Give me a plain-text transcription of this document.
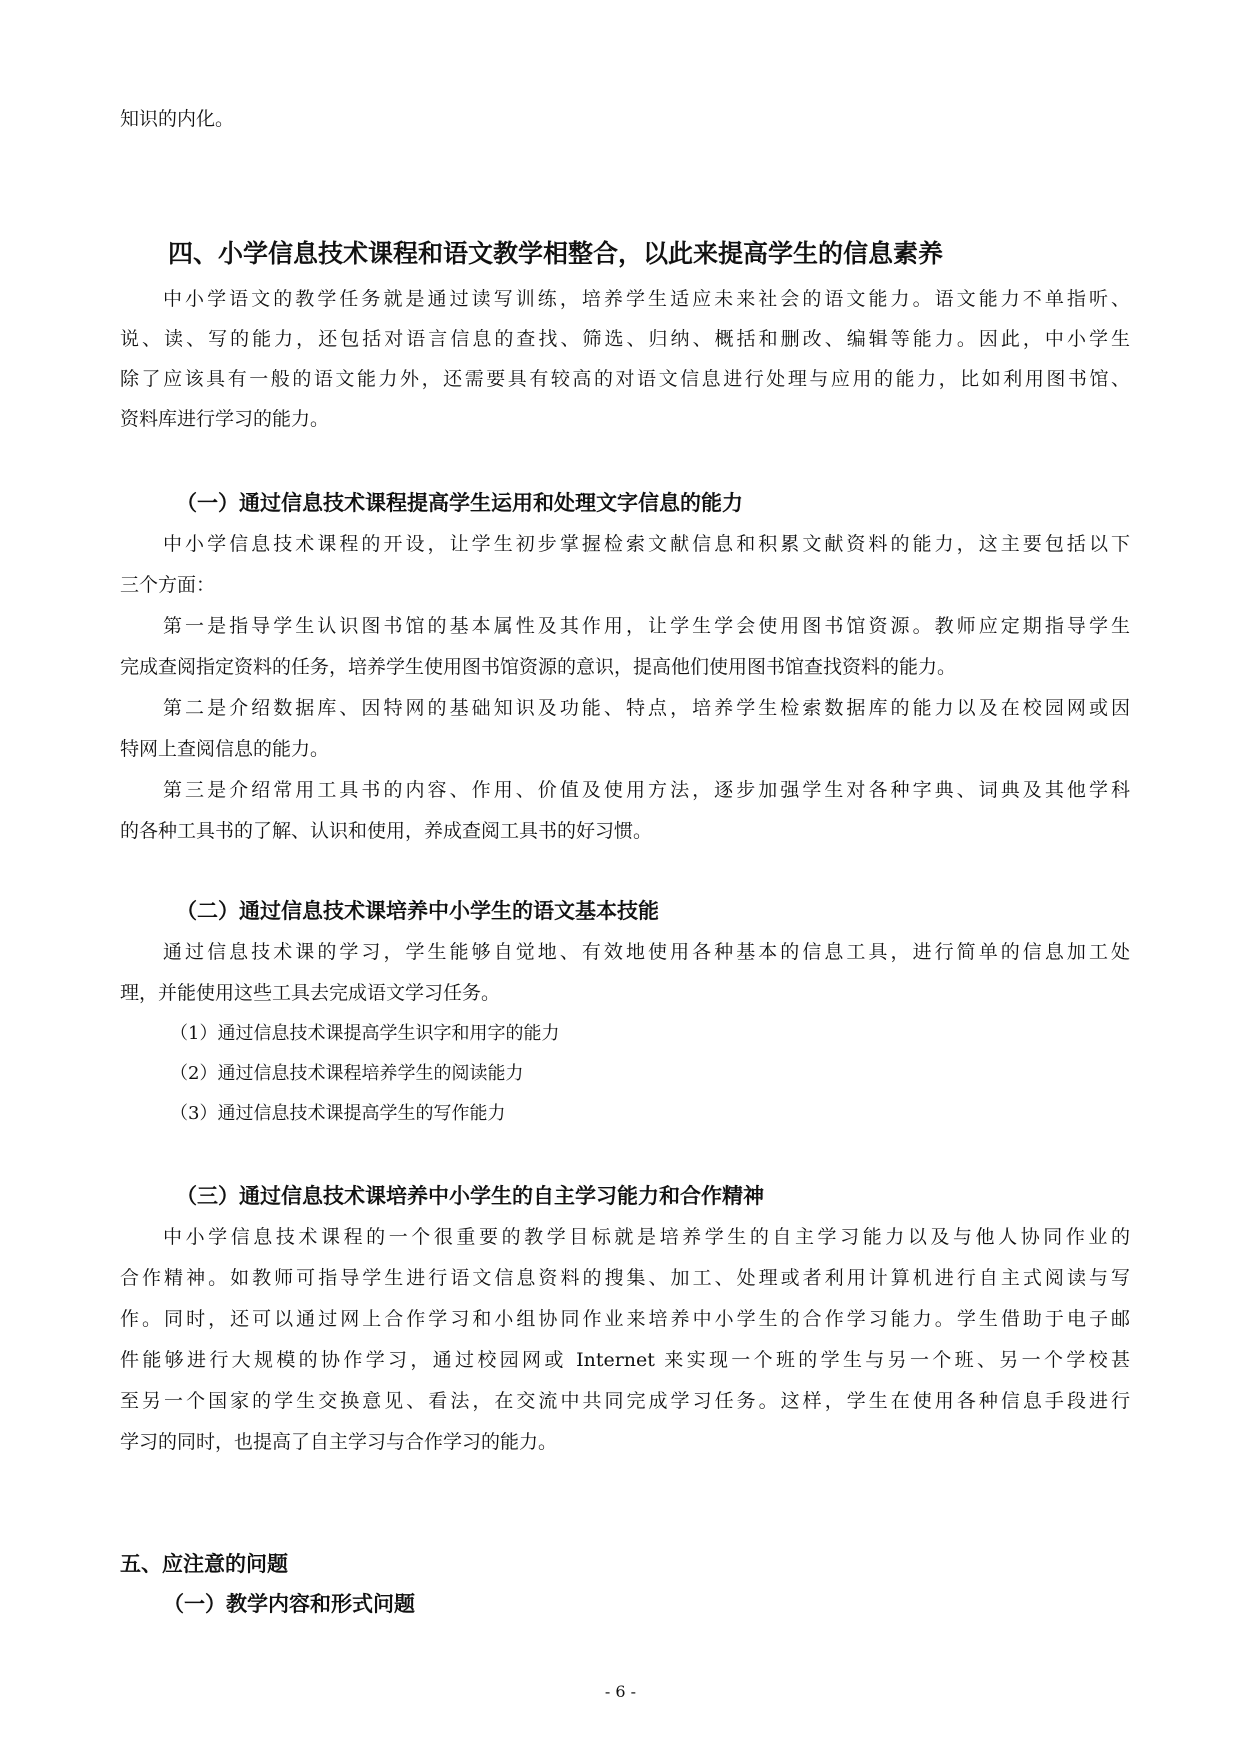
知识的内化。
四、小学信息技术课程和语文教学相整合，以此来提高学生的信息素养
中小学语文的教学任务就是通过读写训练，培养学生适应未来社会的语文能力。语文能力不单指听、
说、读、写的能力，还包括对语言信息的查找、筛选、归纳、概括和删改、编辑等能力。因此，中小学生
除了应该具有一般的语文能力外，还需要具有较高的对语文信息进行处理与应用的能力，比如利用图书馆、
资料库进行学习的能力。
（一）通过信息技术课程提高学生运用和处理文字信息的能力
中小学信息技术课程的开设，让学生初步掌握检索文献信息和积累文献资料的能力，这主要包括以下
三个方面：
第一是指导学生认识图书馆的基本属性及其作用，让学生学会使用图书馆资源。教师应定期指导学生
完成查阅指定资料的任务，培养学生使用图书馆资源的意识，提高他们使用图书馆查找资料的能力。
第二是介绍数据库、因特网的基础知识及功能、特点，培养学生检索数据库的能力以及在校园网或因
特网上查阅信息的能力。
第三是介绍常用工具书的内容、作用、价值及使用方法，逐步加强学生对各种字典、词典及其他学科
的各种工具书的了解、认识和使用，养成查阅工具书的好习惯。
（二）通过信息技术课培养中小学生的语文基本技能
通过信息技术课的学习，学生能够自觉地、有效地使用各种基本的信息工具，进行简单的信息加工处
理，并能使用这些工具去完成语文学习任务。
（1）通过信息技术课提高学生识字和用字的能力
（2）通过信息技术课程培养学生的阅读能力
（3）通过信息技术课提高学生的写作能力
（三）通过信息技术课培养中小学生的自主学习能力和合作精神
中小学信息技术课程的一个很重要的教学目标就是培养学生的自主学习能力以及与他人协同作业的
合作精神。如教师可指导学生进行语文信息资料的搜集、加工、处理或者利用计算机进行自主式阅读与写
作。同时，还可以通过网上合作学习和小组协同作业来培养中小学生的合作学习能力。学生借助于电子邮
件能够进行大规模的协作学习，通过校园网或 Internet 来实现一个班的学生与另一个班、另一个学校甚
至另一个国家的学生交换意见、看法，在交流中共同完成学习任务。这样，学生在使用各种信息手段进行
学习的同时，也提高了自主学习与合作学习的能力。
五、应注意的问题
（一）教学内容和形式问题
- 6 -
